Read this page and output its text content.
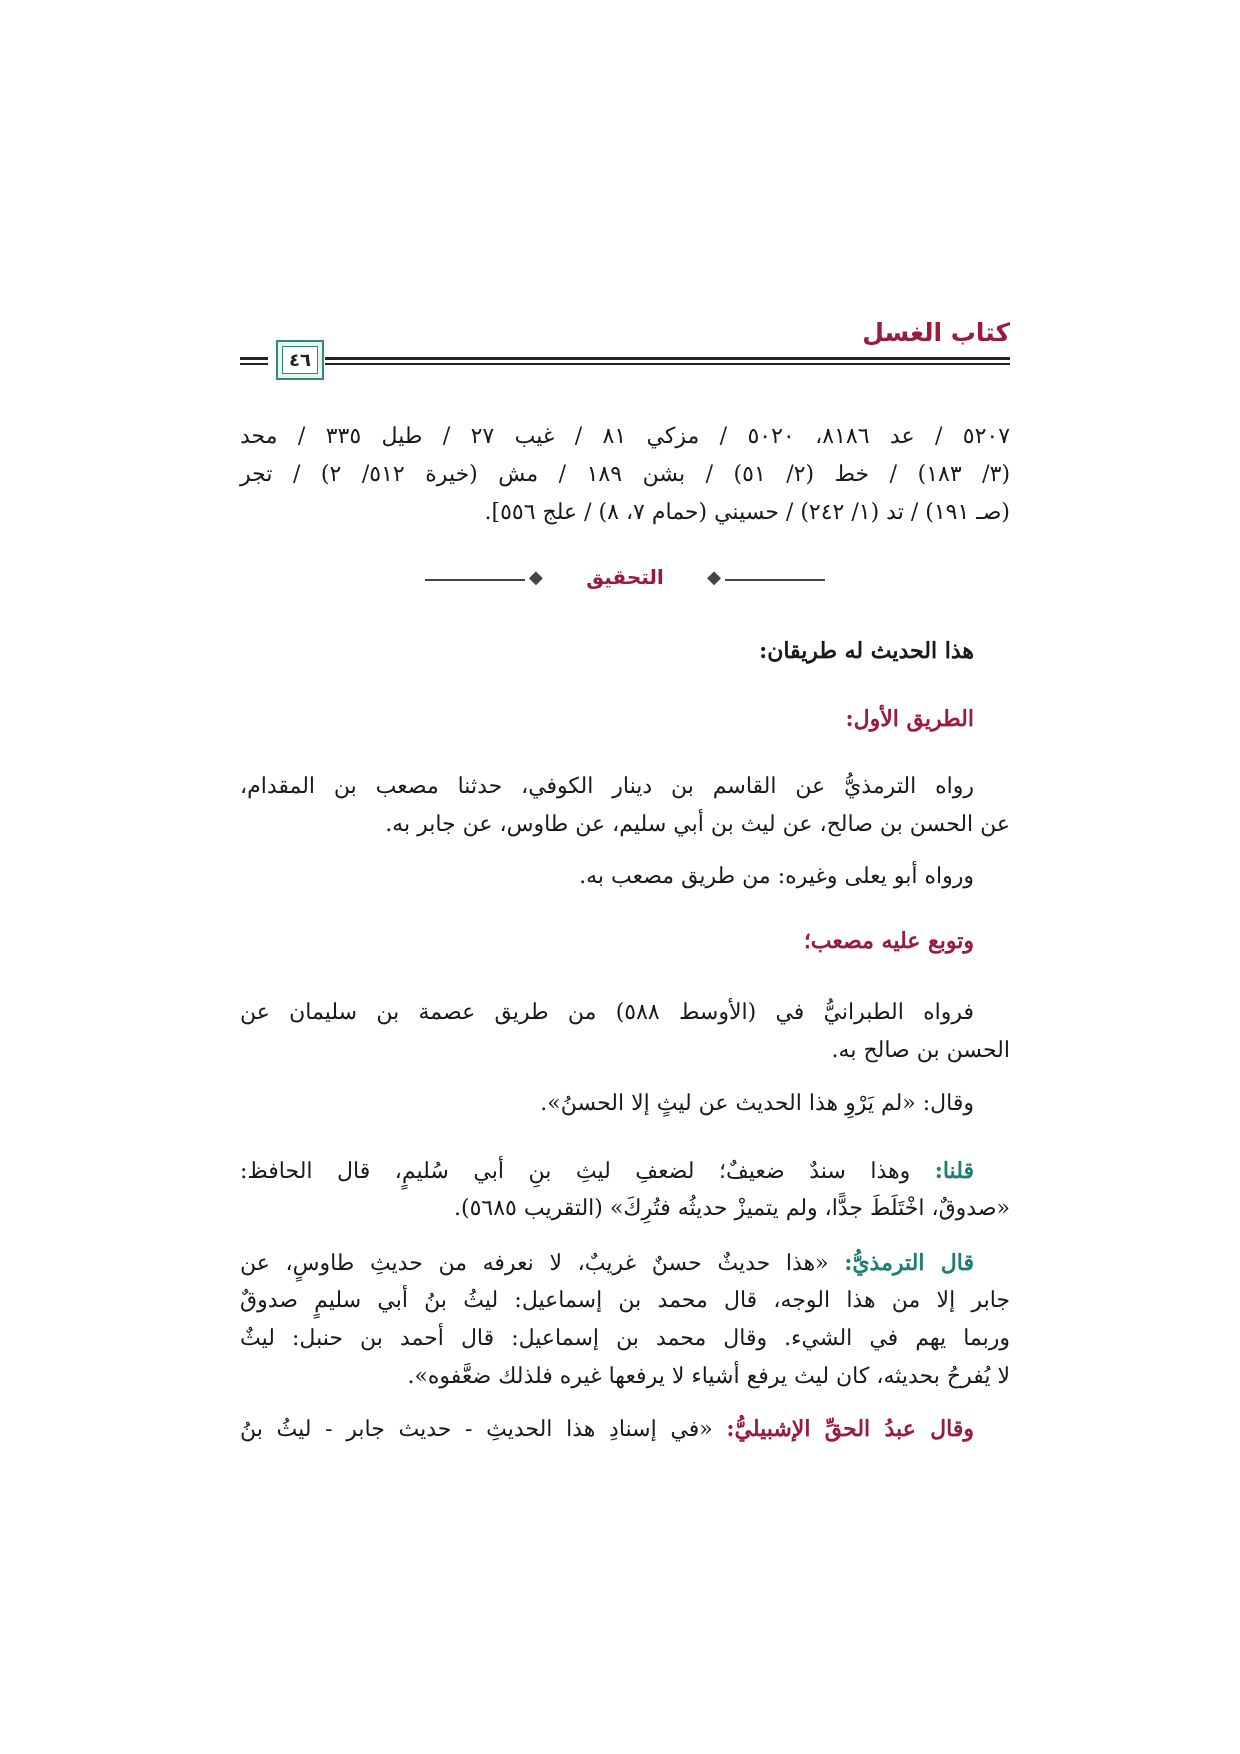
كتاب الغسل
٤٦
٥٢٠٧ / عد ٨١٨٦، ٥٠٢٠ / مزكي ٨١ / غيب ٢٧ / طيل ٣٣٥ / محد
(٣/ ١٨٣) / خط (٢/ ٥١) / بشن ١٨٩ / مش (خيرة ٥١٢/ ٢) / تجر
(صـ ١٩١) / تد (١/ ٢٤٢) / حسيني (حمام ٧، ٨) / علج ٥٥٦].
◆	التحقيق	◆
هذا الحديث له طريقان:
الطريق الأول:
رواه الترمذيُّ عن القاسم بن دينار الكوفي، حدثنا مصعب بن المقدام،
عن الحسن بن صالح، عن ليث بن أبي سليم، عن طاوس، عن جابر به.
ورواه أبو يعلى وغيره: من طريق مصعب به.
وتوبع عليه مصعب؛
فرواه الطبرانيُّ في (الأوسط ٥٨٨) من طريق عصمة بن سليمان عن
الحسن بن صالح به.
وقال: «لم يَرْوِ هذا الحديث عن ليثٍ إلا الحسنُ».
قلنا: وهذا سندٌ ضعيفٌ؛ لضعفِ ليثِ بنِ أبي سُليمٍ، قال الحافظ:
«صدوقٌ، اخْتَلَطَ جدًّا، ولم يتميزْ حديثُه فتُرِكَ» (التقريب ٥٦٨٥).
قال الترمذيُّ: «هذا حديثٌ حسنٌ غريبٌ، لا نعرفه من حديثِ طاوسٍ، عن
جابر إلا من هذا الوجه، قال محمد بن إسماعيل: ليثُ بنُ أبي سليمٍ صدوقٌ
وربما يهم في الشيء. وقال محمد بن إسماعيل: قال أحمد بن حنبل: ليثٌ
لا يُفرحُ بحديثه، كان ليث يرفع أشياء لا يرفعها غيره فلذلك ضعَّفوه».
وقال عبدُ الحقِّ الإشبيليُّ: «في إسنادِ هذا الحديثِ - حديث جابر - ليثُ بنُ
